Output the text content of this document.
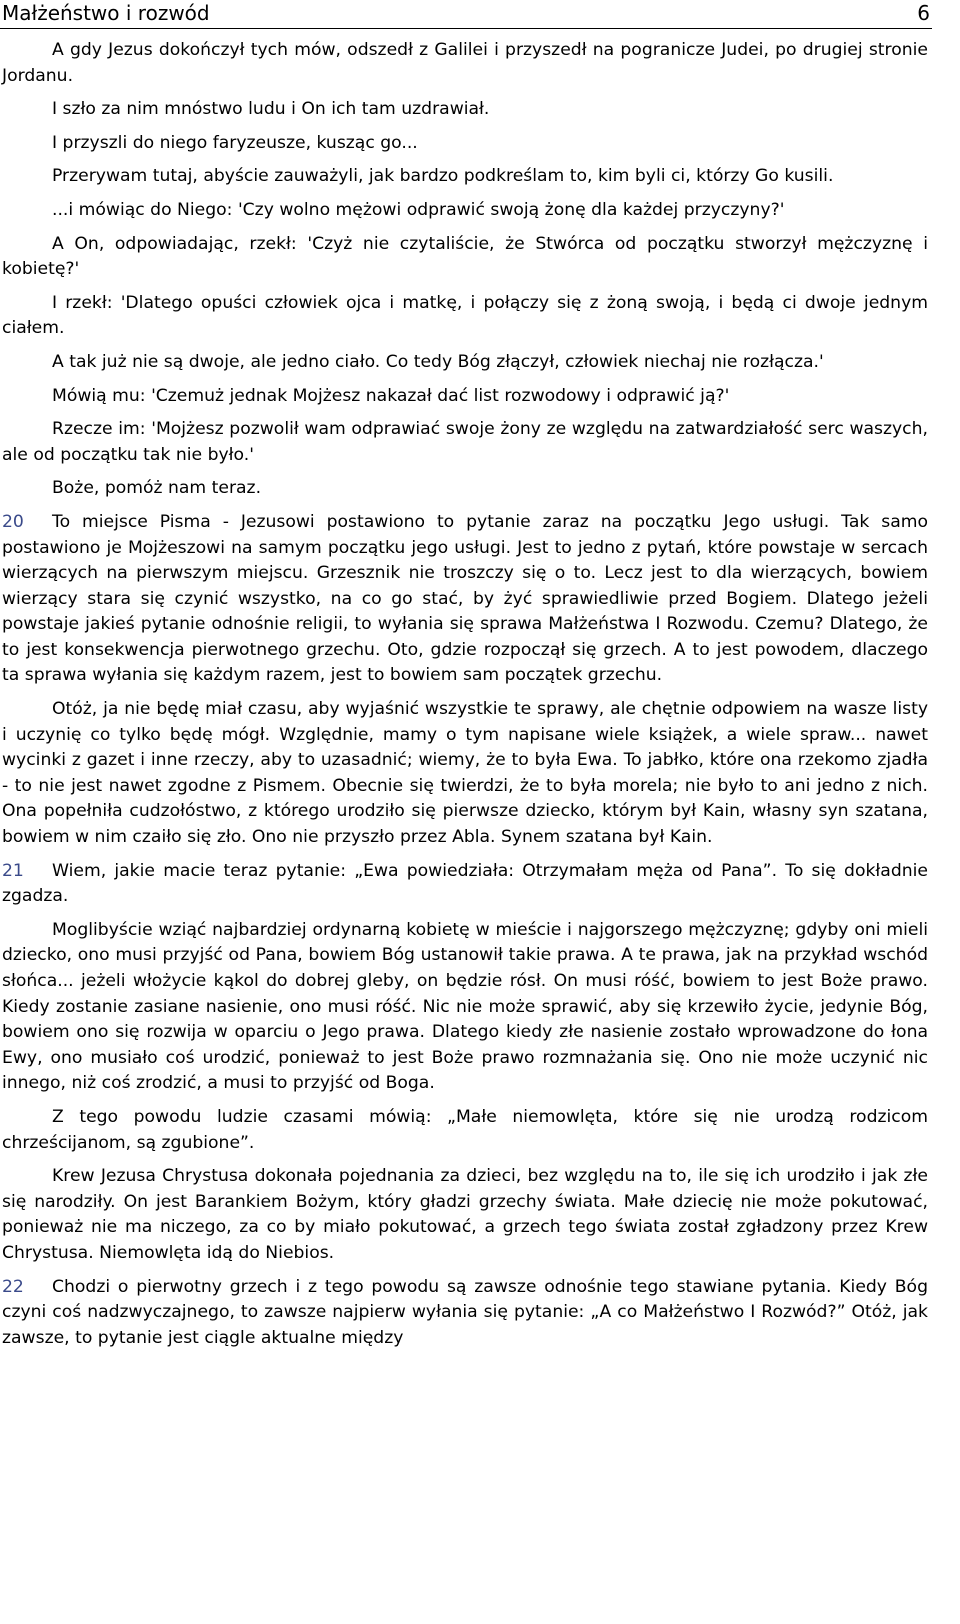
Małżeństwo i rozwód	6

A gdy Jezus dokończył tych mów, odszedł z Galilei i przyszedł na pogranicze Judei, po drugiej stronie Jordanu.

I szło za nim mnóstwo ludu i On ich tam uzdrawiał.

I przyszli do niego faryzeusze, kusząc go...

Przerywam tutaj, abyście zauważyli, jak bardzo podkreślam to, kim byli ci, którzy Go kusili.

...i mówiąc do Niego: 'Czy wolno mężowi odprawić swoją żonę dla każdej przyczyny?'

A On, odpowiadając, rzekł: 'Czyż nie czytaliście, że Stwórca od początku stworzył mężczyznę i kobietę?'

I rzekł: 'Dlatego opuści człowiek ojca i matkę, i połączy się z żoną swoją, i będą ci dwoje jednym ciałem.

A tak już nie są dwoje, ale jedno ciało. Co tedy Bóg złączył, człowiek niechaj nie rozłącza.'

Mówią mu: 'Czemuż jednak Mojżesz nakazał dać list rozwodowy i odprawić ją?'

Rzecze im: 'Mojżesz pozwolił wam odprawiać swoje żony ze względu na zatwardziałość serc waszych, ale od początku tak nie było.'

Boże, pomóż nam teraz.

20 To miejsce Pisma - Jezusowi postawiono to pytanie zaraz na początku Jego usługi. Tak samo postawiono je Mojżeszowi na samym początku jego usługi. Jest to jedno z pytań, które powstaje w sercach wierzących na pierwszym miejscu. Grzesznik nie troszczy się o to. Lecz jest to dla wierzących, bowiem wierzący stara się czynić wszystko, na co go stać, by żyć sprawiedliwie przed Bogiem. Dlatego jeżeli powstaje jakieś pytanie odnośnie religii, to wyłania się sprawa Małżeństwa I Rozwodu. Czemu? Dlatego, że to jest konsekwencja pierwotnego grzechu. Oto, gdzie rozpoczął się grzech. A to jest powodem, dlaczego ta sprawa wyłania się każdym razem, jest to bowiem sam początek grzechu.

Otóż, ja nie będę miał czasu, aby wyjaśnić wszystkie te sprawy, ale chętnie odpowiem na wasze listy i uczynię co tylko będę mógł. Względnie, mamy o tym napisane wiele książek, a wiele spraw... nawet wycinki z gazet i inne rzeczy, aby to uzasadnić; wiemy, że to była Ewa. To jabłko, które ona rzekomo zjadła - to nie jest nawet zgodne z Pismem. Obecnie się twierdzi, że to była morela; nie było to ani jedno z nich. Ona popełniła cudzołóstwo, z którego urodziło się pierwsze dziecko, którym był Kain, własny syn szatana, bowiem w nim czaiło się zło. Ono nie przyszło przez Abla. Synem szatana był Kain.

21 Wiem, jakie macie teraz pytanie: „Ewa powiedziała: Otrzymałam męża od Pana”. To się dokładnie zgadza.

Moglibyście wziąć najbardziej ordynarną kobietę w mieście i najgorszego mężczyznę; gdyby oni mieli dziecko, ono musi przyjść od Pana, bowiem Bóg ustanowił takie prawa. A te prawa, jak na przykład wschód słońca... jeżeli włożycie kąkol do dobrej gleby, on będzie rósł. On musi róść, bowiem to jest Boże prawo. Kiedy zostanie zasiane nasienie, ono musi róść. Nic nie może sprawić, aby się krzewiło życie, jedynie Bóg, bowiem ono się rozwija w oparciu o Jego prawa. Dlatego kiedy złe nasienie zostało wprowadzone do łona Ewy, ono musiało coś urodzić, ponieważ to jest Boże prawo rozmnażania się. Ono nie może uczynić nic innego, niż coś zrodzić, a musi to przyjść od Boga.

Z tego powodu ludzie czasami mówią: „Małe niemowlęta, które się nie urodzą rodzicom chrześcijanom, są zgubione”.

Krew Jezusa Chrystusa dokonała pojednania za dzieci, bez względu na to, ile się ich urodziło i jak złe się narodziły. On jest Barankiem Bożym, który gładzi grzechy świata. Małe dziecię nie może pokutować, ponieważ nie ma niczego, za co by miało pokutować, a grzech tego świata został zgładzony przez Krew Chrystusa. Niemowlęta idą do Niebios.

22 Chodzi o pierwotny grzech i z tego powodu są zawsze odnośnie tego stawiane pytania. Kiedy Bóg czyni coś nadzwyczajnego, to zawsze najpierw wyłania się pytanie: „A co Małżeństwo I Rozwód?” Otóż, jak zawsze, to pytanie jest ciągle aktualne między
